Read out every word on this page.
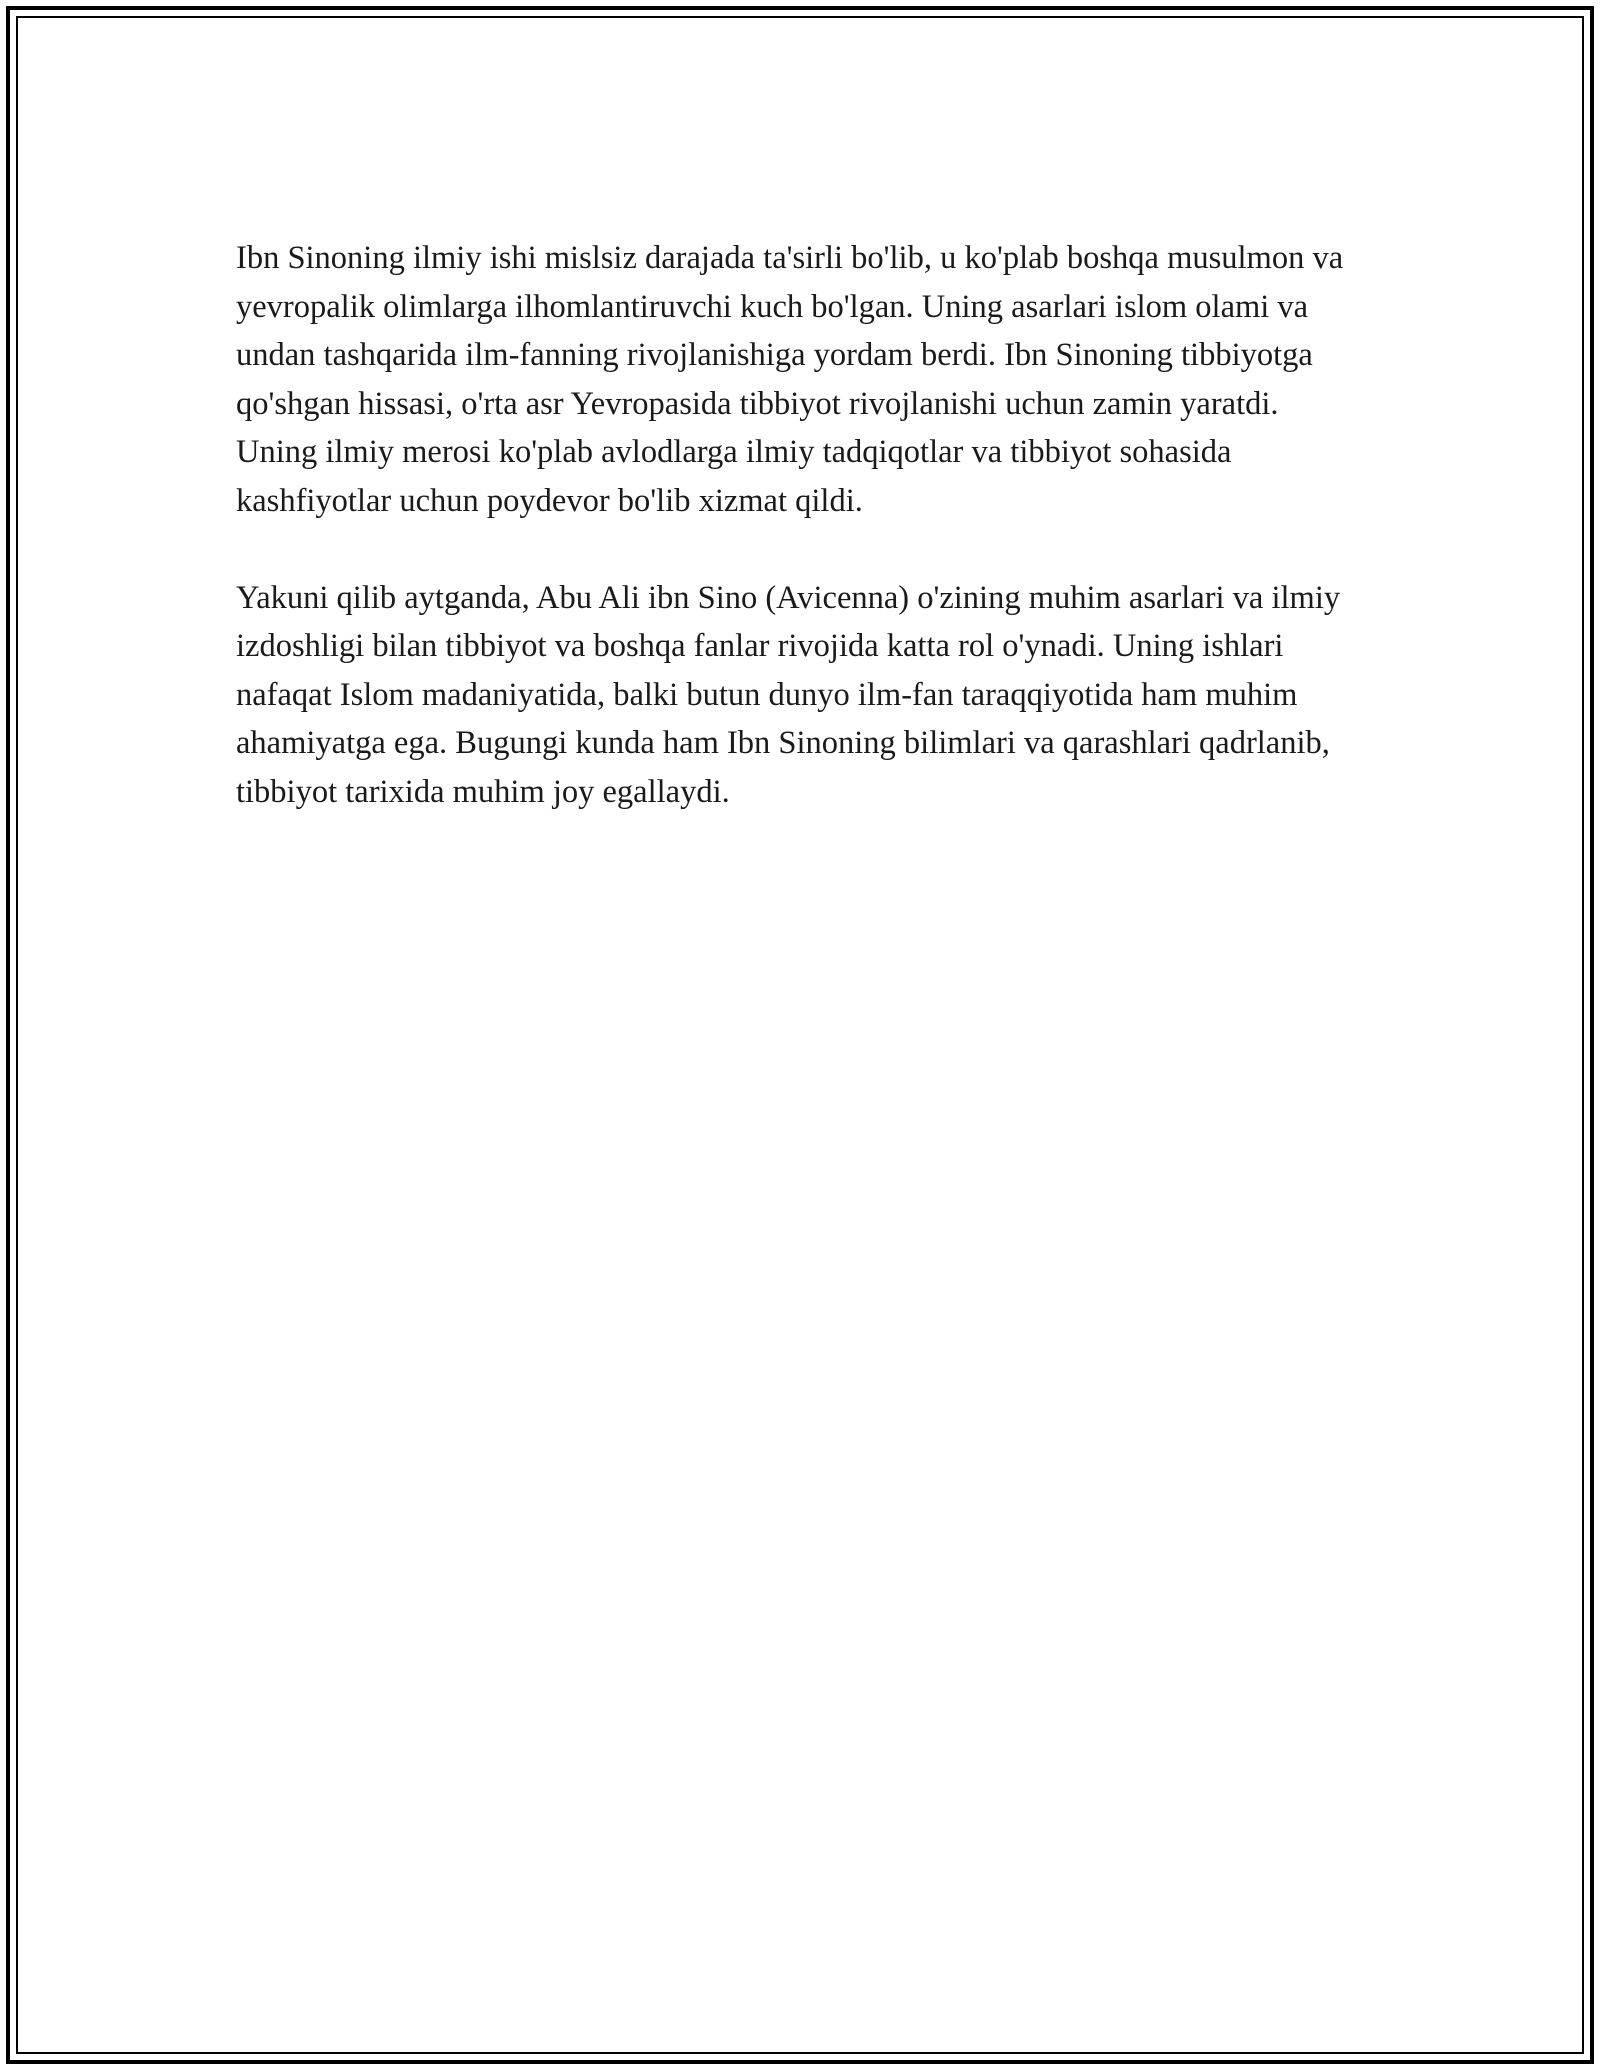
Ibn Sinoning ilmiy ishi mislsiz darajada ta'sirli bo'lib, u ko'plab boshqa musulmon va yevropalik olimlarga ilhomlantiruvchi kuch bo'lgan. Uning asarlari islom olami va undan tashqarida ilm-fanning rivojlanishiga yordam berdi. Ibn Sinoning tibbiyotga qo'shgan hissasi, o'rta asr Yevropasida tibbiyot rivojlanishi uchun zamin yaratdi. Uning ilmiy merosi ko'plab avlodlarga ilmiy tadqiqotlar va tibbiyot sohasida kashfiyotlar uchun poydevor bo'lib xizmat qildi.

Yakuni qilib aytganda, Abu Ali ibn Sino (Avicenna) o'zining muhim asarlari va ilmiy izdoshligi bilan tibbiyot va boshqa fanlar rivojida katta rol o'ynadi. Uning ishlari nafaqat Islom madaniyatida, balki butun dunyo ilm-fan taraqqiyotida ham muhim ahamiyatga ega. Bugungi kunda ham Ibn Sinoning bilimlari va qarashlari qadrlanib, tibbiyot tarixida muhim joy egallaydi.
